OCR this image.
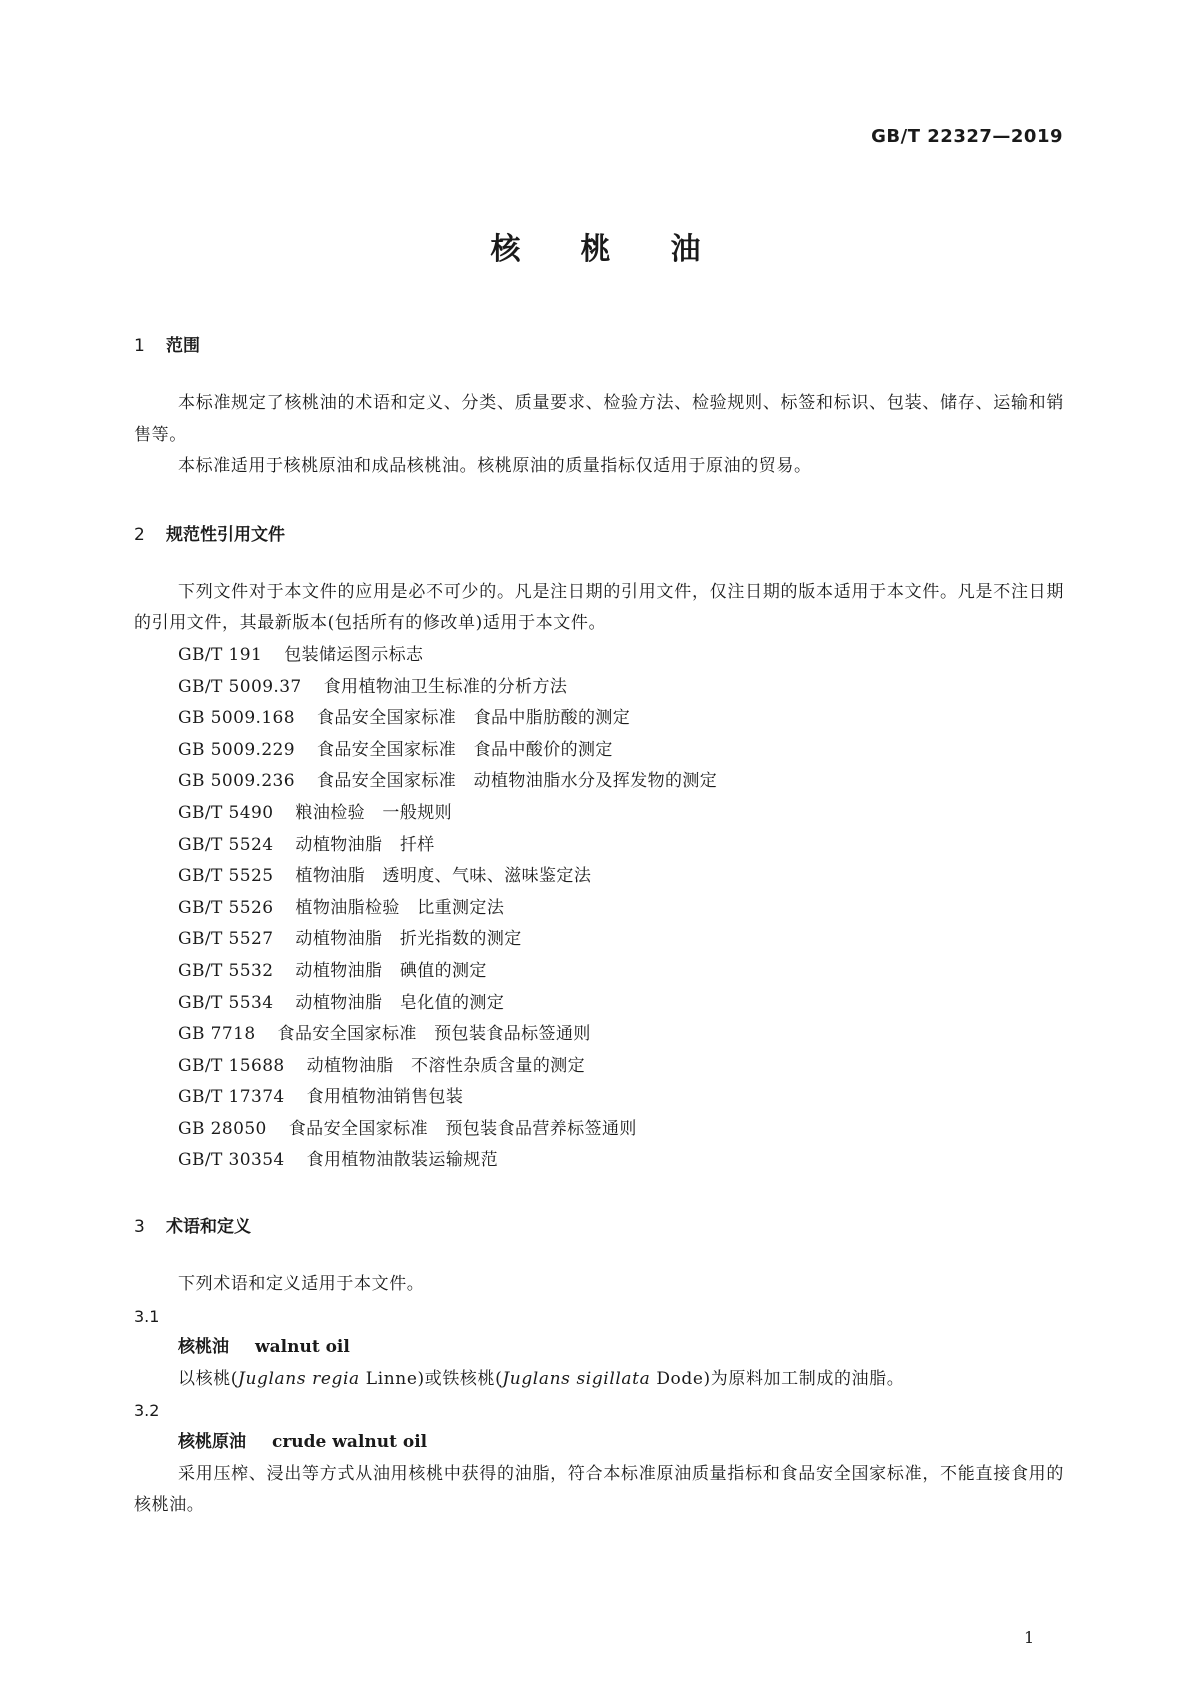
GB/T 22327—2019
核桃油
1 范围
本标准规定了核桃油的术语和定义、分类、质量要求、检验方法、检验规则、标签和标识、包装、储存、运输和销售等。
本标准适用于核桃原油和成品核桃油。核桃原油的质量指标仅适用于原油的贸易。
2 规范性引用文件
下列文件对于本文件的应用是必不可少的。凡是注日期的引用文件，仅注日期的版本适用于本文件。凡是不注日期的引用文件，其最新版本(包括所有的修改单)适用于本文件。
GB/T 191 包装储运图示标志
GB/T 5009.37 食用植物油卫生标准的分析方法
GB 5009.168 食品安全国家标准　食品中脂肪酸的测定
GB 5009.229 食品安全国家标准　食品中酸价的测定
GB 5009.236 食品安全国家标准　动植物油脂水分及挥发物的测定
GB/T 5490 粮油检验　一般规则
GB/T 5524 动植物油脂　扦样
GB/T 5525 植物油脂　透明度、气味、滋味鉴定法
GB/T 5526 植物油脂检验　比重测定法
GB/T 5527 动植物油脂　折光指数的测定
GB/T 5532 动植物油脂　碘值的测定
GB/T 5534 动植物油脂　皂化值的测定
GB 7718 食品安全国家标准　预包装食品标签通则
GB/T 15688 动植物油脂　不溶性杂质含量的测定
GB/T 17374 食用植物油销售包装
GB 28050 食品安全国家标准　预包装食品营养标签通则
GB/T 30354 食用植物油散装运输规范
3 术语和定义
下列术语和定义适用于本文件。
3.1
核桃油 walnut oil
以核桃(Juglans regia Linne)或铁核桃(Juglans sigillata Dode)为原料加工制成的油脂。
3.2
核桃原油 crude walnut oil
采用压榨、浸出等方式从油用核桃中获得的油脂，符合本标准原油质量指标和食品安全国家标准，不能直接食用的核桃油。
1
